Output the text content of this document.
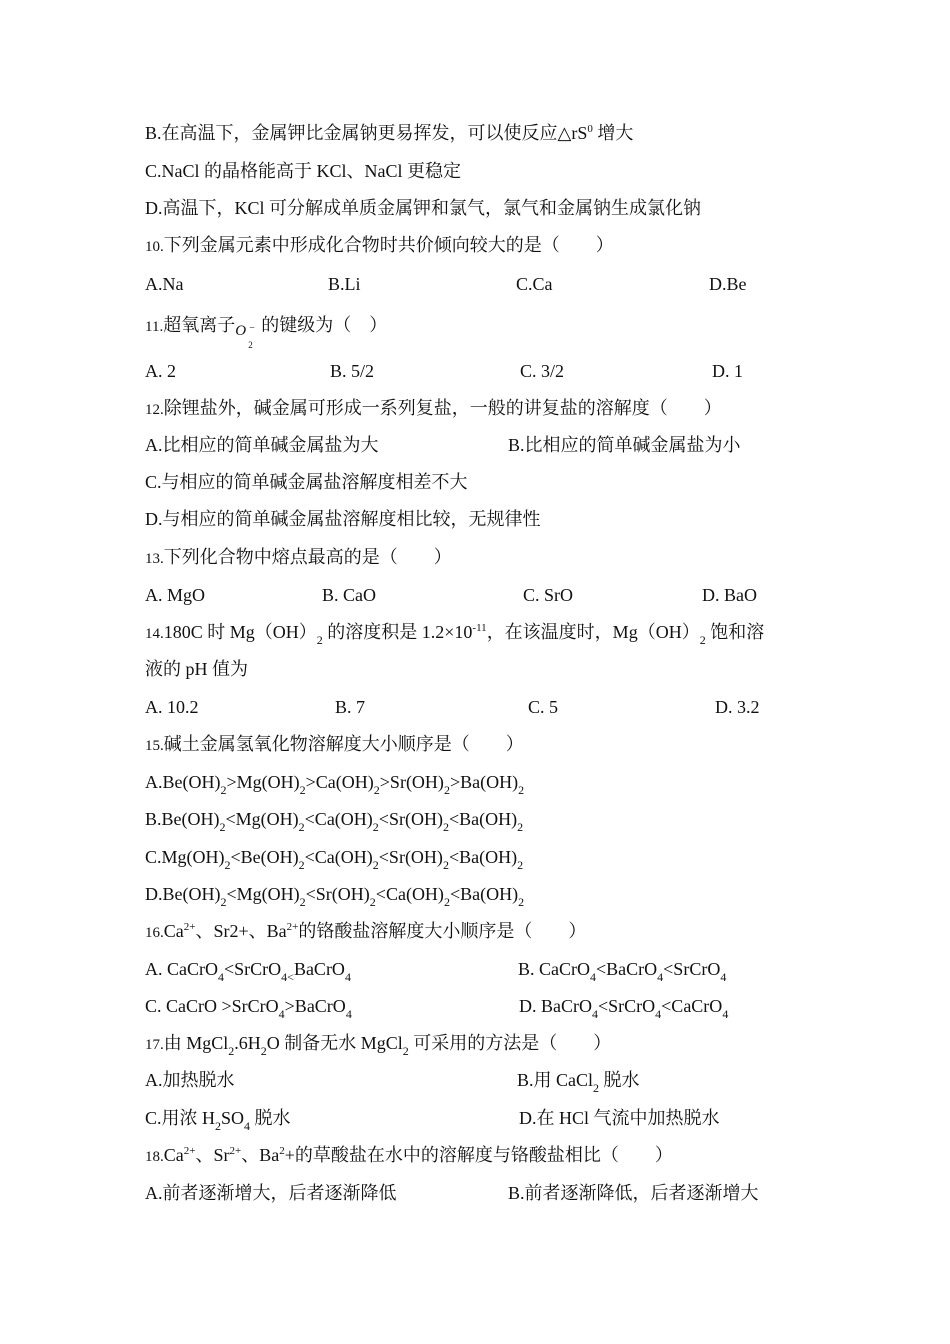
B.在高温下，金属钾比金属钠更易挥发，可以使反应$\triangle rS^0$ 增大
C.NaCl 的晶格能高于 KCl、NaCl 更稳定
D.高温下，KCl 可分解成单质金属钾和氯气，氯气和金属钠生成氯化钠
10.下列金属元素中形成化合物时共价倾向较大的是（　　）
A.Na	B.Li	C.Ca	D.Be
11.超氧离子 O −
2
的键级为（　）
A. 2	B. 5/2	C. 3/2	D. 1
12.除锂盐外，碱金属可形成一系列复盐，一般的讲复盐的溶解度（　　）
A.比相应的简单碱金属盐为大	B.比相应的简单碱金属盐为小
C.与相应的简单碱金属盐溶解度相差不大
D.与相应的简单碱金属盐溶解度相比较，无规律性
13.下列化合物中熔点最高的是（　　）
A. MgO	B. CaO	C. SrO	D. BaO
14.180C 时 $Mg(OH)_2$ 的溶度积是 $1.2\times 10^{-11}$，在该温度时，$Mg(OH)_2$ 饱和溶
液的 pH 值为
A. 10.2	B. 7	C. 5	D. 3.2
15.碱土金属氢氧化物溶解度大小顺序是（　　）
$A.Be(OH)_2>Mg(OH)_2>Ca(OH)_2>Sr(OH)_2>Ba(OH)_2$
$B.Be(OH)_2<Mg(OH)_2<Ca(OH)_2<Sr(OH)_2<Ba(OH)_2$
$C.Mg(OH)_2<Be(OH)_2<Ca(OH)_2<Sr(OH)_2<Ba(OH)_2$
$D.Be(OH)_2<Mg(OH)_2<Sr(OH)_2<Ca(OH)_2<Ba(OH)_2$
$16.Ca^{2+}$、Sr2+、$Ba^{2+}$的铬酸盐溶解度大小顺序是（　　）
A. CaCrO$_4$<SrCrO$_{4<}$BaCrO$_4$	B. CaCrO$_4$<BaCrO$_4$<SrCrO$_4$
C. CaCrO >SrCrO$_4$>BaCrO$_4$	D. BaCrO$_4$<SrCrO$_4$<CaCrO$_4$
17.由 $MgCl_2.6H_2O$ 制备无水 MgCl$_2$ 可采用的方法是（　　）
A.加热脱水	B.用 CaCl$_2$ 脱水
C.用浓 $H_2SO_4$ 脱水	D.在 HCl 气流中加热脱水
$18.Ca^{2+}$、$Sr^{2+}$、$Ba^2+$的草酸盐在水中的溶解度与铬酸盐相比（　　）
A.前者逐渐增大，后者逐渐降低	B.前者逐渐降低，后者逐渐增大
